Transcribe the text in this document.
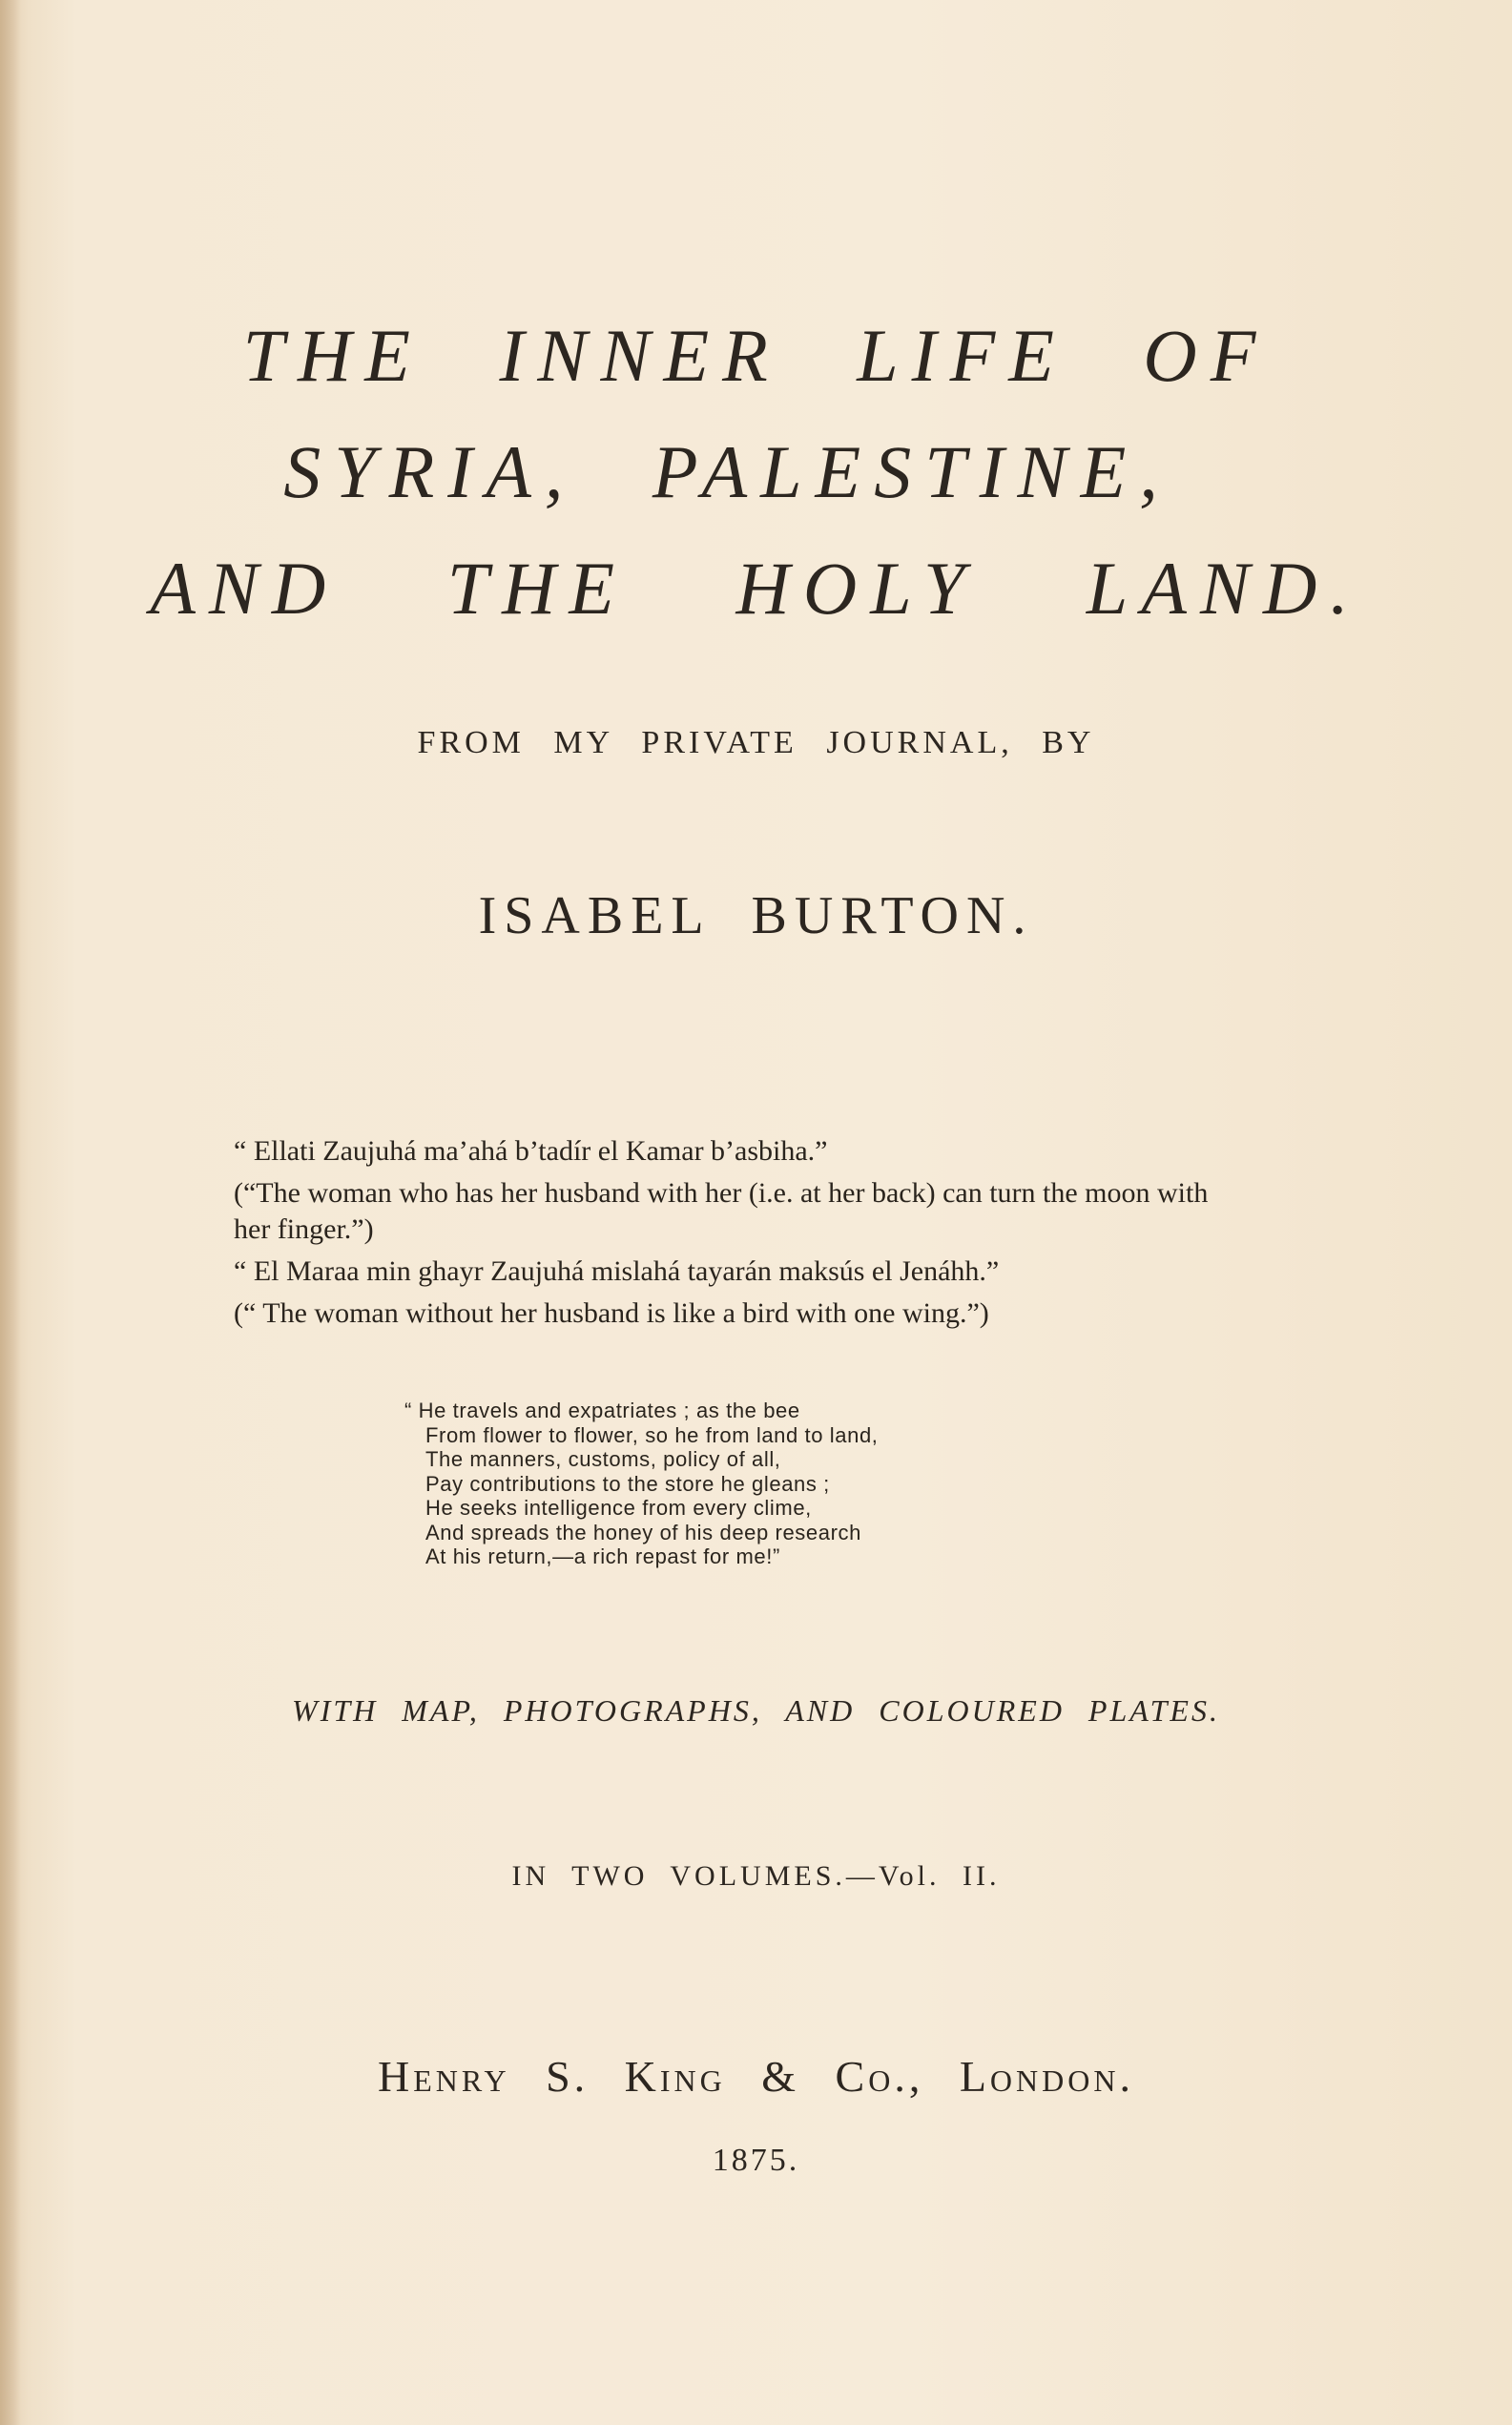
THE INNER LIFE OF
SYRIA, PALESTINE,
AND THE HOLY LAND.
FROM MY PRIVATE JOURNAL, BY
ISABEL BURTON.

“ Ellati Zaujuhá ma’ahá b’tadír el Kamar b’asbiha.”

(“The woman who has her husband with her (i.e. at her back) can turn the moon with her finger.”)

“ El Maraa min ghayr Zaujuhá mislahá tayarán maksús el Jenáhh.”

(“ The woman without her husband is like a bird with one wing.”)

“ He travels and expatriates ; as the bee

From flower to flower, so he from land to land,

The manners, customs, policy of all,

Pay contributions to the store he gleans ;

He seeks intelligence from every clime,

And spreads the honey of his deep research

At his return,—a rich repast for me!”

WITH MAP, PHOTOGRAPHS, AND COLOURED PLATES.
IN TWO VOLUMES.—Vol. II.
Henry S. King & Co., London.
1875.
